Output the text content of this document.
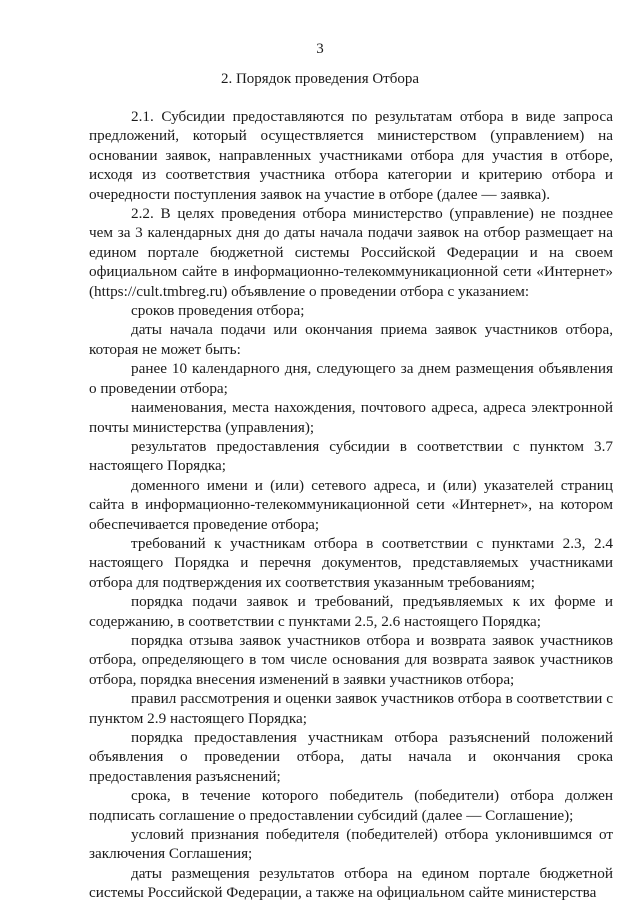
3
2. Порядок проведения Отбора

2.1. Субсидии предоставляются по результатам отбора в виде запроса предложений, который осуществляется министерством (управлением) на основании заявок, направленных участниками отбора для участия в отборе, исходя из соответствия участника отбора категории и критерию отбора и очередности поступления заявок на участие в отборе (далее — заявка).

2.2. В целях проведения отбора министерство (управление) не позднее чем за 3 календарных дня до даты начала подачи заявок на отбор размещает на едином портале бюджетной системы Российской Федерации и на своем официальном сайте в информационно-телекоммуникационной сети «Интернет» (https://cult.tmbreg.ru) объявление о проведении отбора с указанием:

сроков проведения отбора;

даты начала подачи или окончания приема заявок участников отбора, которая не может быть:

ранее 10 календарного дня, следующего за днем размещения объявления о проведении отбора;

наименования, места нахождения, почтового адреса, адреса электронной почты министерства (управления);

результатов предоставления субсидии в соответствии с пунктом 3.7 настоящего Порядка;

доменного имени и (или) сетевого адреса, и (или) указателей страниц сайта в информационно-телекоммуникационной сети «Интернет», на котором обеспечивается проведение отбора;

требований к участникам отбора в соответствии с пунктами 2.3, 2.4 настоящего Порядка и перечня документов, представляемых участниками отбора для подтверждения их соответствия указанным требованиям;

порядка подачи заявок и требований, предъявляемых к их форме и содержанию, в соответствии с пунктами 2.5, 2.6 настоящего Порядка;

порядка отзыва заявок участников отбора и возврата заявок участников отбора, определяющего в том числе основания для возврата заявок участников отбора, порядка внесения изменений в заявки участников отбора;

правил рассмотрения и оценки заявок участников отбора в соответствии с пунктом 2.9 настоящего Порядка;

порядка предоставления участникам отбора разъяснений положений объявления о проведении отбора, даты начала и окончания срока предоставления разъяснений;

срока, в течение которого победитель (победители) отбора должен подписать соглашение о предоставлении субсидий (далее — Соглашение);

условий признания победителя (победителей) отбора уклонившимся от заключения Соглашения;

даты размещения результатов отбора на едином портале бюджетной системы Российской Федерации, а также на официальном сайте министерства
